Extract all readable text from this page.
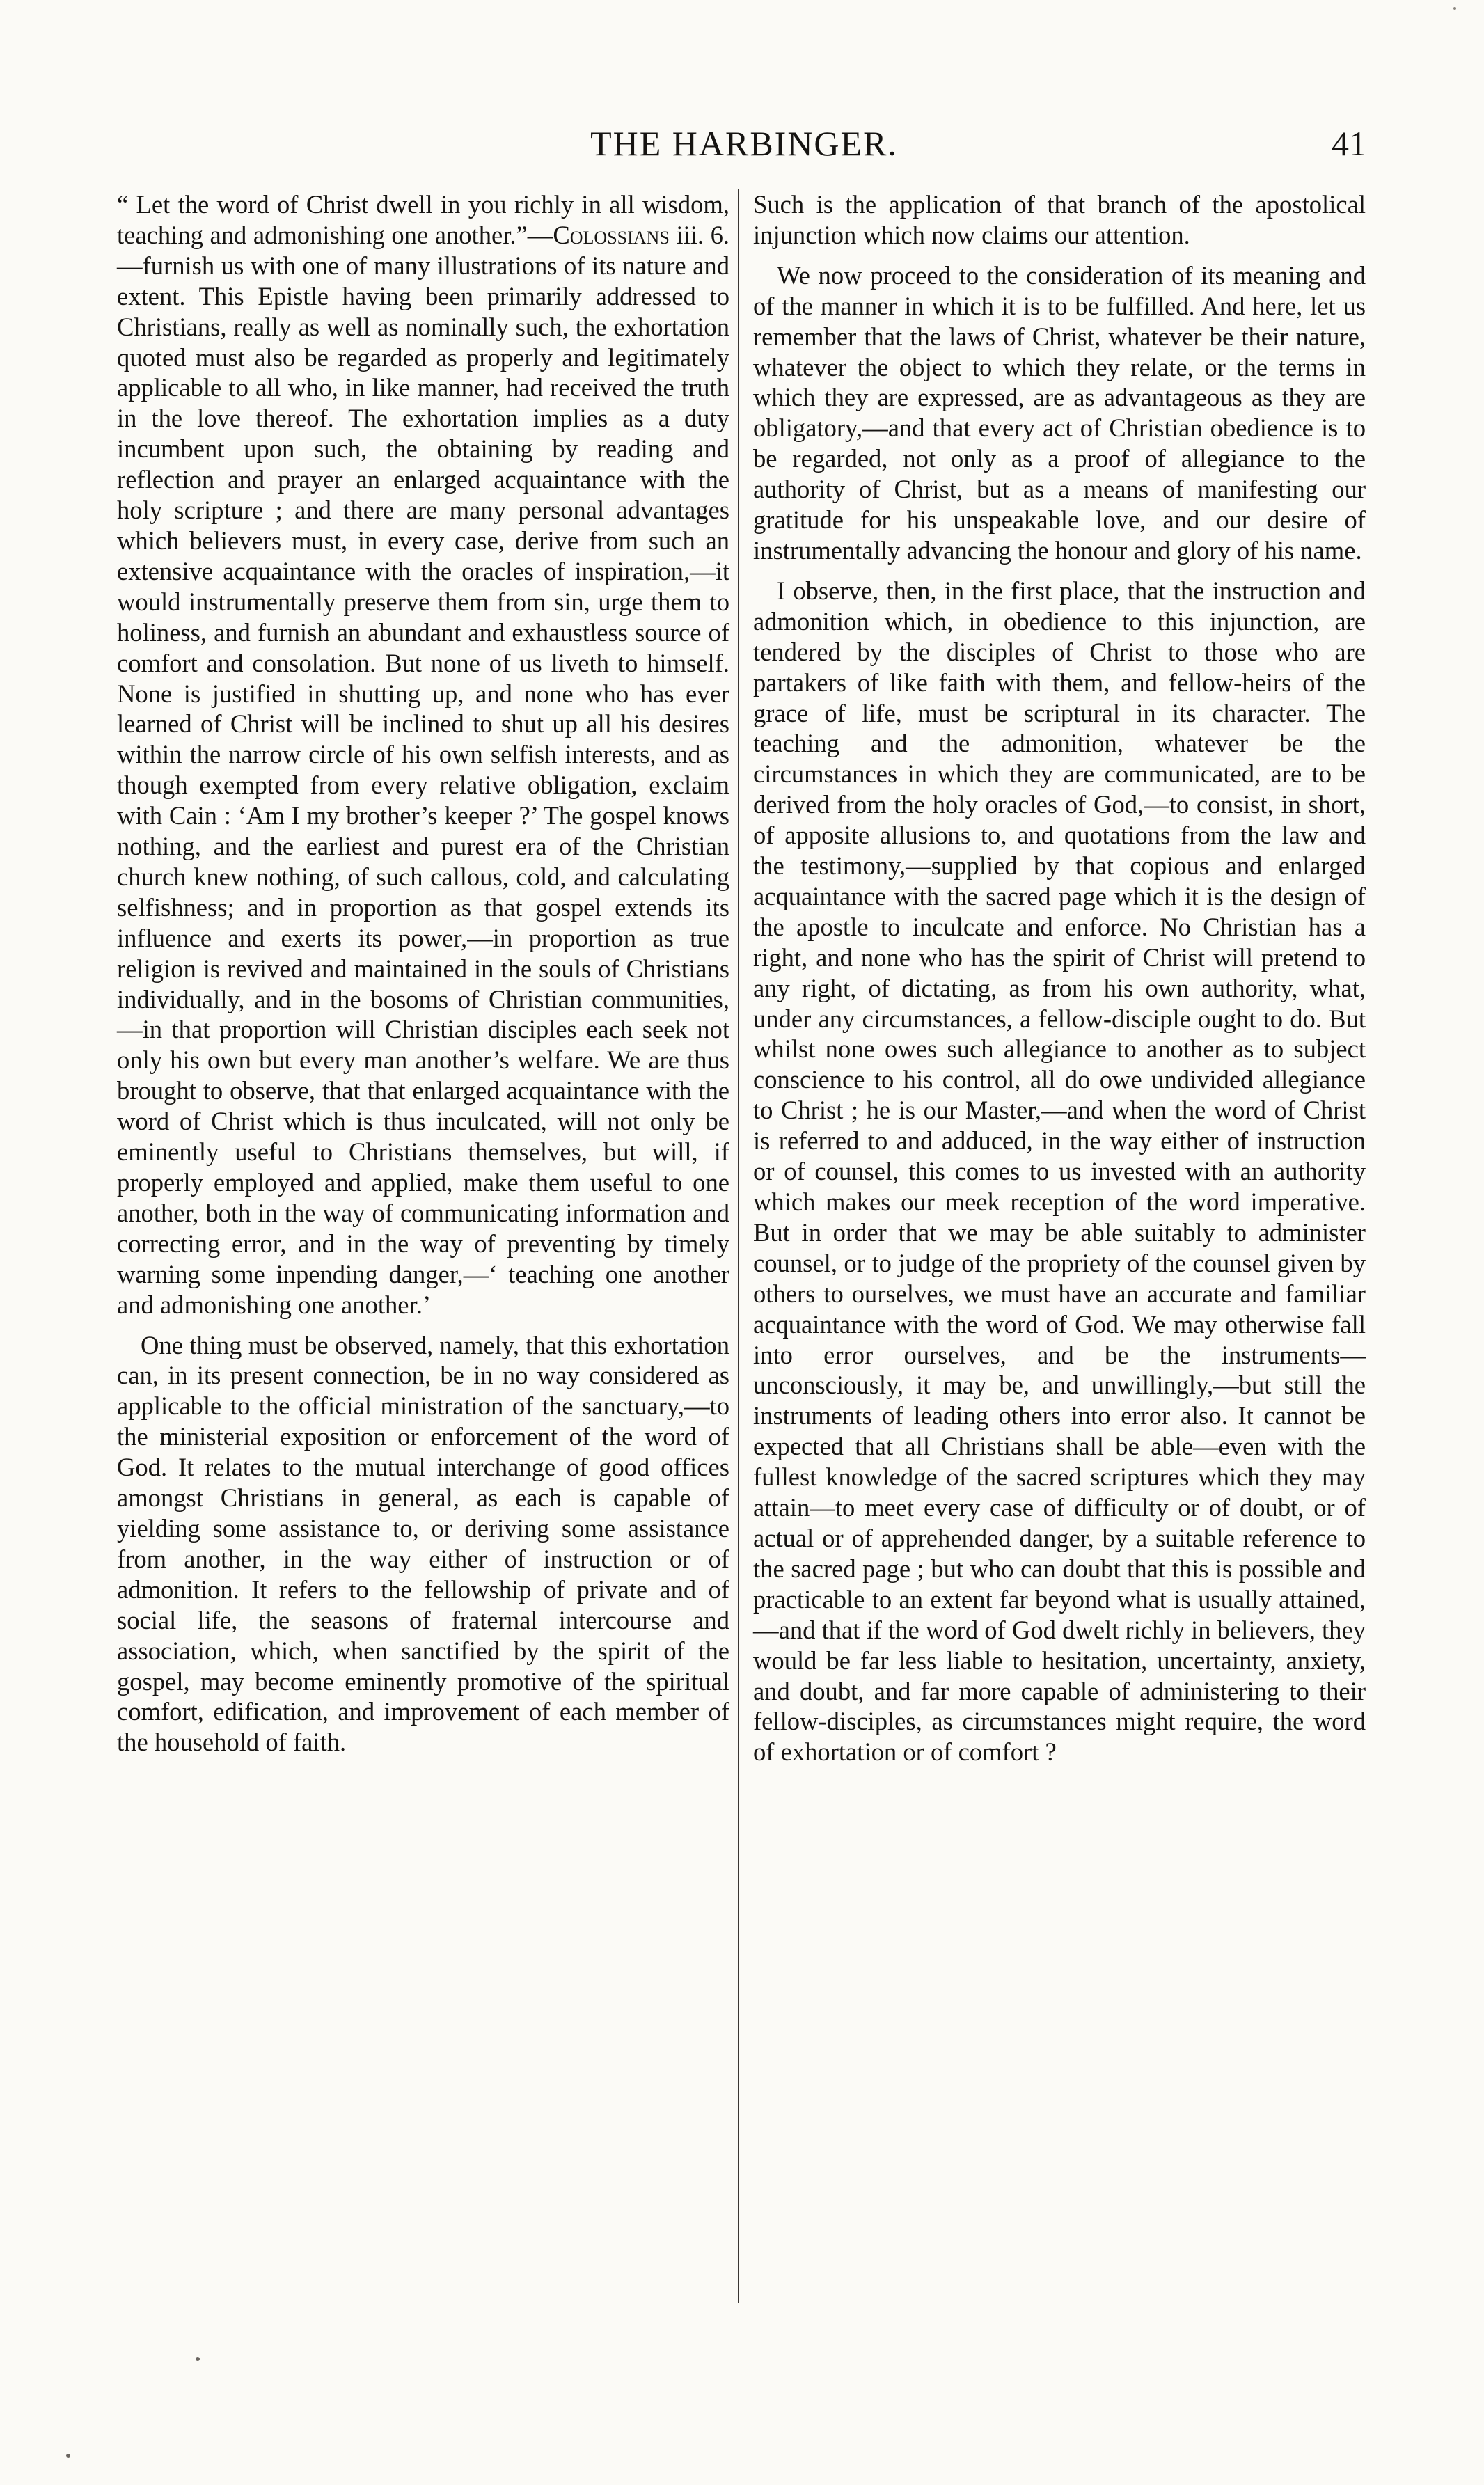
THE HARBINGER.	41

“ Let the word of Christ dwell in you richly in all wisdom, teaching and admonishing one another.”—Colossians iii. 6.—furnish us with one of many illustrations of its nature and extent. This Epistle having been primarily addressed to Christians, really as well as nominally such, the exhortation quoted must also be regarded as properly and legitimately applicable to all who, in like manner, had received the truth in the love thereof. The exhortation implies as a duty incumbent upon such, the obtaining by reading and reflection and prayer an enlarged acquaintance with the holy scripture ; and there are many personal advantages which believers must, in every case, derive from such an extensive acquaintance with the oracles of inspiration,—it would instrumentally preserve them from sin, urge them to holiness, and furnish an abundant and exhaustless source of comfort and consolation. But none of us liveth to himself. None is justified in shutting up, and none who has ever learned of Christ will be inclined to shut up all his desires within the narrow circle of his own selfish interests, and as though exempted from every relative obligation, exclaim with Cain : ‘Am I my brother’s keeper ?’ The gospel knows nothing, and the earliest and purest era of the Christian church knew nothing, of such callous, cold, and calculating selfishness; and in proportion as that gospel extends its influence and exerts its power,—in proportion as true religion is revived and maintained in the souls of Christians individually, and in the bosoms of Christian communities,—in that proportion will Christian disciples each seek not only his own but every man another’s welfare. We are thus brought to observe, that that enlarged acquaintance with the word of Christ which is thus inculcated, will not only be eminently useful to Christians themselves, but will, if properly employed and applied, make them useful to one another, both in the way of communicating information and correcting error, and in the way of preventing by timely warning some inpending danger,—‘ teaching one another and admonishing one another.’

One thing must be observed, namely, that this exhortation can, in its present connection, be in no way considered as applicable to the official ministration of the sanctuary,—to the ministerial exposition or enforcement of the word of God. It relates to the mutual interchange of good offices amongst Christians in general, as each is capable of yielding some assistance to, or deriving some assistance from another, in the way either of instruction or of admonition. It refers to the fellowship of private and of social life, the seasons of fraternal intercourse and association, which, when sanctified by the spirit of the gospel, may become eminently promotive of the spiritual comfort, edification, and improvement of each member of the household of faith.

Such is the application of that branch of the apostolical injunction which now claims our attention.

We now proceed to the consideration of its meaning and of the manner in which it is to be fulfilled. And here, let us remember that the laws of Christ, whatever be their nature, whatever the object to which they relate, or the terms in which they are expressed, are as advantageous as they are obligatory,—and that every act of Christian obedience is to be regarded, not only as a proof of allegiance to the authority of Christ, but as a means of manifesting our gratitude for his unspeakable love, and our desire of instrumentally advancing the honour and glory of his name.

I observe, then, in the first place, that the instruction and admonition which, in obedience to this injunction, are tendered by the disciples of Christ to those who are partakers of like faith with them, and fellow-heirs of the grace of life, must be scriptural in its character. The teaching and the admonition, whatever be the circumstances in which they are communicated, are to be derived from the holy oracles of God,—to consist, in short, of apposite allusions to, and quotations from the law and the testimony,—supplied by that copious and enlarged acquaintance with the sacred page which it is the design of the apostle to inculcate and enforce. No Christian has a right, and none who has the spirit of Christ will pretend to any right, of dictating, as from his own authority, what, under any circumstances, a fellow-disciple ought to do. But whilst none owes such allegiance to another as to subject conscience to his control, all do owe undivided allegiance to Christ ; he is our Master,—and when the word of Christ is referred to and adduced, in the way either of instruction or of counsel, this comes to us invested with an authority which makes our meek reception of the word imperative. But in order that we may be able suitably to administer counsel, or to judge of the propriety of the counsel given by others to ourselves, we must have an accurate and familiar acquaintance with the word of God. We may otherwise fall into error ourselves, and be the instruments—unconsciously, it may be, and unwillingly,—but still the instruments of leading others into error also. It cannot be expected that all Christians shall be able—even with the fullest knowledge of the sacred scriptures which they may attain—to meet every case of difficulty or of doubt, or of actual or of apprehended danger, by a suitable reference to the sacred page ; but who can doubt that this is possible and practicable to an extent far beyond what is usually attained,—and that if the word of God dwelt richly in believers, they would be far less liable to hesitation, uncertainty, anxiety, and doubt, and far more capable of administering to their fellow-disciples, as circumstances might require, the word of exhortation or of comfort ?
